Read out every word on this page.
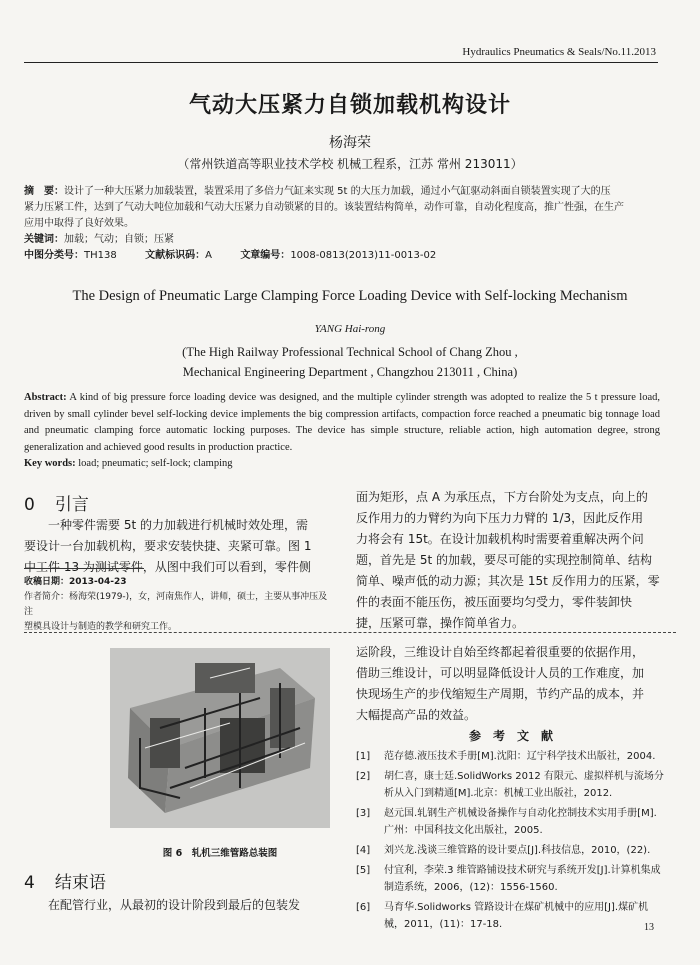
Hydraulics Pneumatics & Seals/No.11.2013
气动大压紧力自锁加载机构设计
杨海荣
（常州铁道高等职业技术学校 机械工程系，江苏 常州 213011）
摘　要：设计了一种大压紧力加载装置，装置采用了多倍力气缸来实现 5t 的大压力加载，通过小气缸驱动斜面自锁装置实现了大的压
紧力压紧工件，达到了气动大吨位加载和气动大压紧力自动锁紧的目的。该装置结构简单，动作可靠，自动化程度高，推广性强，在生产
应用中取得了良好效果。
关键词：加载；气动；自锁；压紧
中图分类号：TH138	文献标识码：A	文章编号：1008-0813(2013)11-0013-02
The Design of Pneumatic Large Clamping Force Loading Device with Self-locking Mechanism
YANG Hai-rong
(The High Railway Professional Technical School of Chang Zhou ,
Mechanical Engineering Department , Changzhou 213011 , China)
Abstract: A kind of big pressure force loading device was designed, and the multiple cylinder strength was adopted to realize the 5 t pressure load, driven by small cylinder bevel self-locking device implements the big compression artifacts, compaction force reached a pneumatic big tonnage load and pneumatic clamping force automatic locking purposes. The device has simple structure, reliable action, high automation degree, strong generalization and achieved good results in production practice.
Key words: load; pneumatic; self-lock; clamping
0 引言
一种零件需要 5t 的力加载进行机械时效处理，需
要设计一台加载机构，要求安装快捷、夹紧可靠。图 1
中工件 13 为测试零件，从图中我们可以看到，零件侧
收稿日期：2013-04-23
作者简介：杨海荣(1979-)，女，河南焦作人，讲师，硕士，主要从事冲压及注
塑模具设计与制造的教学和研究工作。
面为矩形，点 A 为承压点，下方台阶处为支点，向上的
反作用力的力臂约为向下压力力臂的 1/3，因此反作用
力将会有 15t。在设计加载机构时需要着重解决两个问
题，首先是 5t 的加载，要尽可能的实现控制简单、结构
简单、噪声低的动力源；其次是 15t 反作用力的压紧，零
件的表面不能压伤，被压面要均匀受力，零件装卸快
捷，压紧可靠，操作简单省力。
图 6　轧机三维管路总装图
4 结束语
在配管行业，从最初的设计阶段到最后的包装发
运阶段，三维设计自始至终都起着很重要的依据作用，
借助三维设计，可以明显降低设计人员的工作难度，加
快现场生产的步伐缩短生产周期，节约产品的成本，并
大幅提高产品的效益。
参　考　文　献
[1]	范存德.液压技术手册[M].沈阳：辽宁科学技术出版社，2004.
[2]	胡仁喜，康士廷.SolidWorks 2012 有限元、虚拟样机与流场分析从入门到精通[M].北京：机械工业出版社，2012.
[3]	赵元国.轧钢生产机械设备操作与自动化控制技术实用手册[M].广州：中国科技文化出版社，2005.
[4]	刘兴龙.浅谈三维管路的设计要点[J].科技信息，2010，(22).
[5]	付宜利，李荣.3 维管路铺设技术研究与系统开发[J].计算机集成制造系统，2006，(12)：1556-1560.
[6]	马育华.Solidworks 管路设计在煤矿机械中的应用[J].煤矿机械，2011，(11)：17-18.	13
